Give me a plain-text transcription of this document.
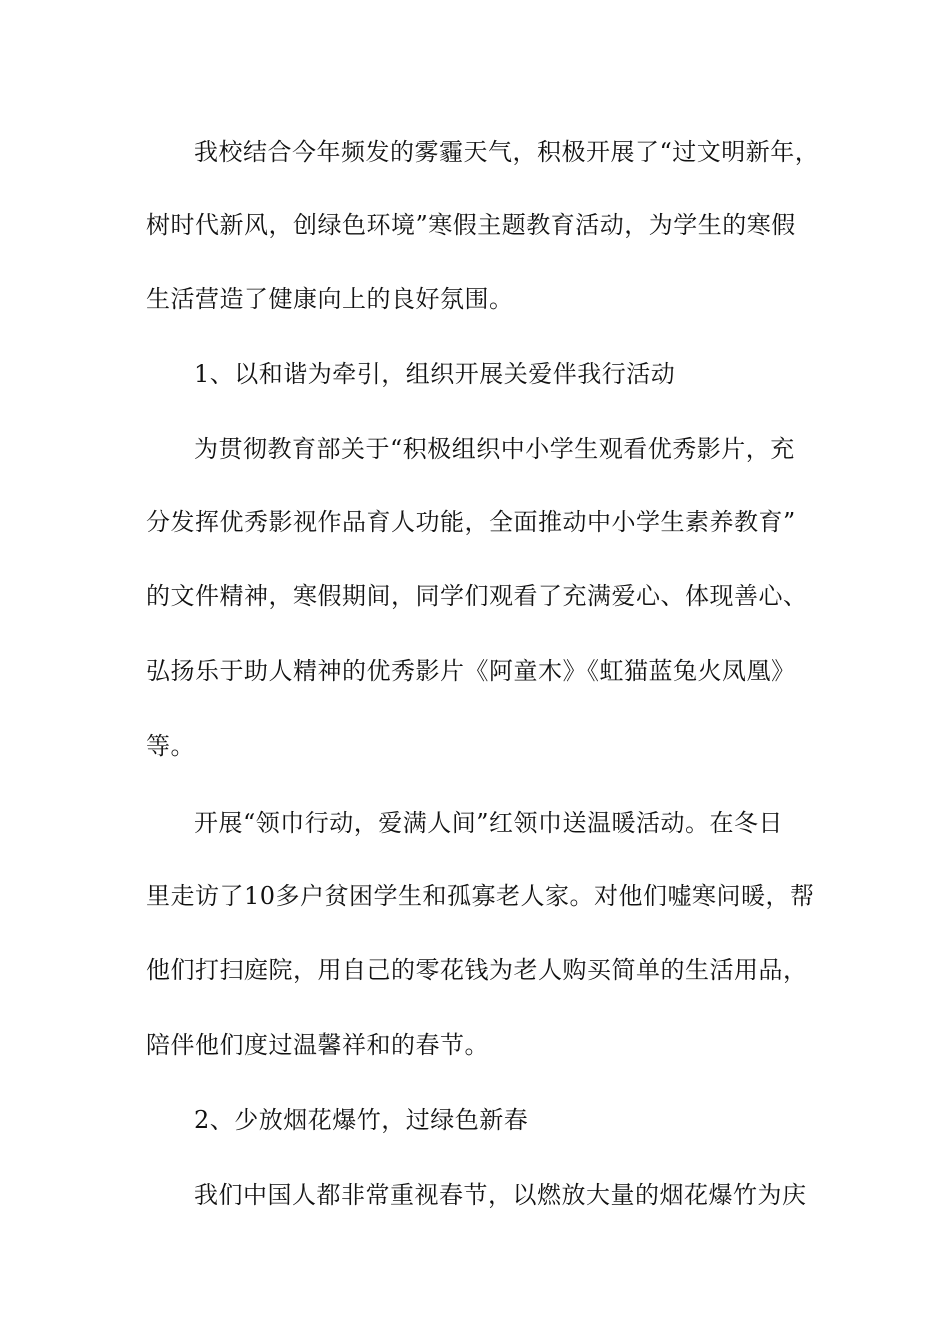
我校结合今年频发的雾霾天气，积极开展了“过文明新年，
树时代新风，创绿色环境”寒假主题教育活动，为学生的寒假
生活营造了健康向上的良好氛围。
1、以和谐为牵引，组织开展关爱伴我行活动
为贯彻教育部关于“积极组织中小学生观看优秀影片，充
分发挥优秀影视作品育人功能，全面推动中小学生素养教育”
的文件精神，寒假期间，同学们观看了充满爱心、体现善心、
弘扬乐于助人精神的优秀影片《阿童木》《虹猫蓝兔火凤凰》
等。
开展“领巾行动，爱满人间”红领巾送温暖活动。在冬日
里走访了10多户贫困学生和孤寡老人家。对他们嘘寒问暖，帮
他们打扫庭院，用自己的零花钱为老人购买简单的生活用品，
陪伴他们度过温馨祥和的春节。
2、少放烟花爆竹，过绿色新春
我们中国人都非常重视春节，以燃放大量的烟花爆竹为庆
